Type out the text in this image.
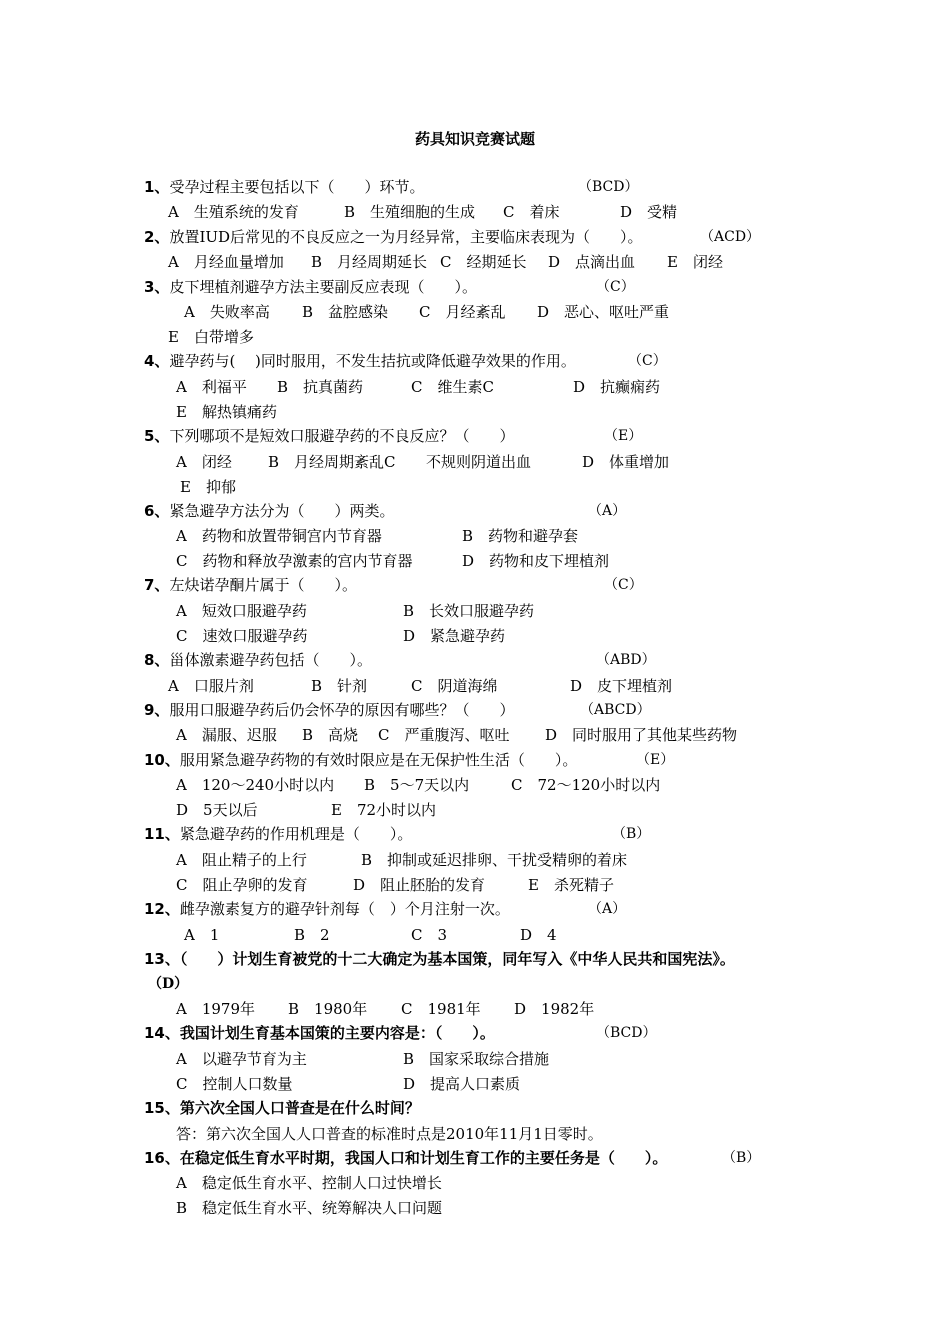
药具知识竞赛试题
1、受孕过程主要包括以下（　　）环节。	（BCD）
A　生殖系统的发育	B　生殖细胞的生成 C　着床	D　受精
2、放置IUD后常见的不良反应之一为月经异常，主要临床表现为（　　）。	（ACD）
A　月经血量增加 B　月经周期延长 C　经期延长 D　点滴出血 E　闭经
3、皮下埋植剂避孕方法主要副反应表现（　　）。	（C）
A　失败率高 B　盆腔感染 C　月经紊乱 D　恶心、呕吐严重
E　白带增多
4、避孕药与(　 )同时服用，不发生拮抗或降低避孕效果的作用。	（C）
A　利福平 B　抗真菌药	C　维生素C	D　抗癫痫药
E　解热镇痛药
5、下列哪项不是短效口服避孕药的不良反应？（　　）	（E）
A　闭经 B　月经周期紊乱C 不规则阴道出血	D　体重增加
E　抑郁
6、紧急避孕方法分为（　　）两类。	（A）
A　药物和放置带铜宫内节育器	B　药物和避孕套
C　药物和释放孕激素的宫内节育器	D　药物和皮下埋植剂
7、左炔诺孕酮片属于（　　）。	（C）
A　短效口服避孕药	B　长效口服避孕药
C　速效口服避孕药	D　紧急避孕药
8、甾体激素避孕药包括（　　）。	（ABD）
A　口服片剂	B　针剂	C　阴道海绵	D　皮下埋植剂
9、服用口服避孕药后仍会怀孕的原因有哪些？（　　）	（ABCD）
A　漏服、迟服 B　高烧 C　严重腹泻、呕吐 D　同时服用了其他某些药物
10、服用紧急避孕药物的有效时限应是在无保护性生活（　　）。	（E）
A　120～240小时以内 B　5～7天以内	C　72～120小时以内
D　5天以后	E　72小时以内
11、紧急避孕药的作用机理是（　　）。	（B）
A　阻止精子的上行	B　抑制或延迟排卵、干扰受精卵的着床
C　阻止孕卵的发育	D　阻止胚胎的发育	E　杀死精子
12、雌孕激素复方的避孕针剂每（　）个月注射一次。	（A）
A　1	B　2	C　3	D　4
13、（　　）计划生育被党的十二大确定为基本国策，同年写入《中华人民共和国宪法》。
（D）
A　1979年 B　1980年 C　1981年 D　1982年
14、我国计划生育基本国策的主要内容是：（　　）。	（BCD）
A　以避孕节育为主	B　国家采取综合措施
C　控制人口数量	D　提高人口素质
15、第六次全国人口普查是在什么时间？
答：第六次全国人人口普查的标准时点是2010年11月1日零时。
16、在稳定低生育水平时期，我国人口和计划生育工作的主要任务是（　　）。	（B）
A　稳定低生育水平、控制人口过快增长
B　稳定低生育水平、统筹解决人口问题
